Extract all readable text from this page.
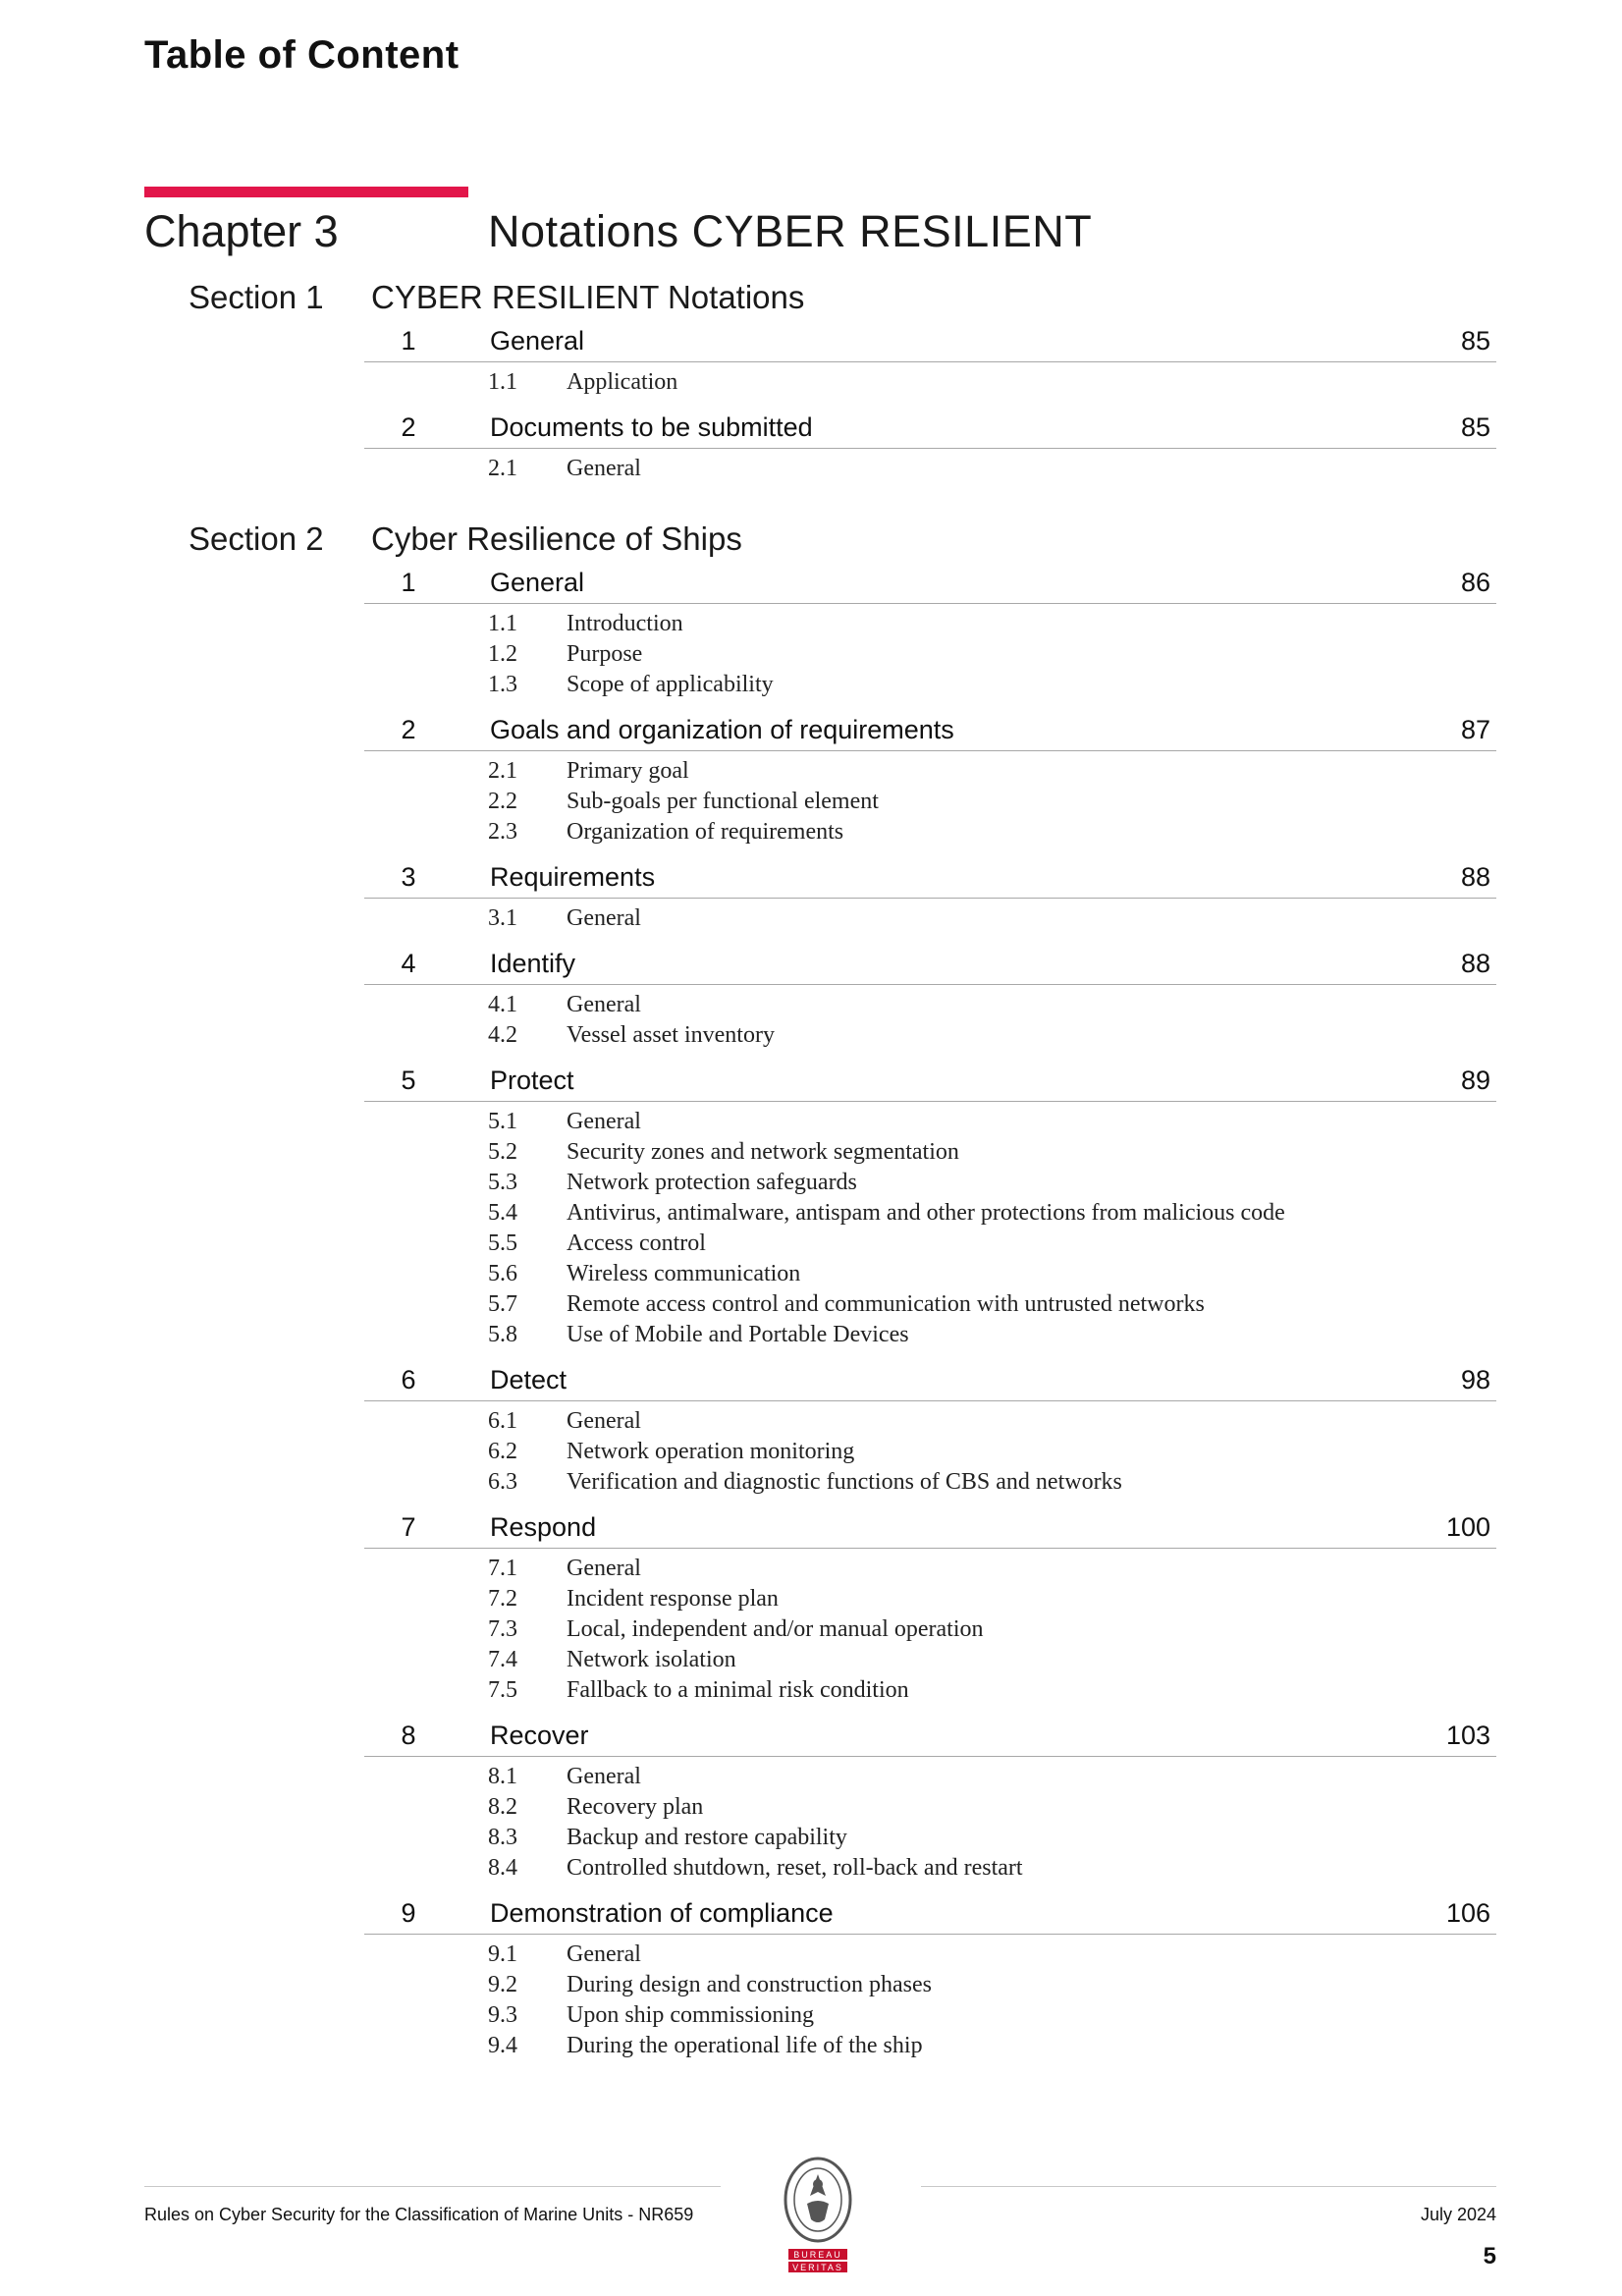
Table of Content
Chapter 3	Notations CYBER RESILIENT
Section 1 CYBER RESILIENT Notations
1	General	85
1.1 Application
2	Documents to be submitted	85
2.1 General
Section 2 Cyber Resilience of Ships
1	General	86
1.1 Introduction
1.2 Purpose
1.3 Scope of applicability
2	Goals and organization of requirements	87
2.1 Primary goal
2.2 Sub-goals per functional element
2.3 Organization of requirements
3	Requirements	88
3.1 General
4	Identify	88
4.1 General
4.2 Vessel asset inventory
5	Protect	89
5.1 General
5.2 Security zones and network segmentation
5.3 Network protection safeguards
5.4 Antivirus, antimalware, antispam and other protections from malicious code
5.5 Access control
5.6 Wireless communication
5.7 Remote access control and communication with untrusted networks
5.8 Use of Mobile and Portable Devices
6	Detect	98
6.1 General
6.2 Network operation monitoring
6.3 Verification and diagnostic functions of CBS and networks
7	Respond	100
7.1 General
7.2 Incident response plan
7.3 Local, independent and/or manual operation
7.4 Network isolation
7.5 Fallback to a minimal risk condition
8	Recover	103
8.1 General
8.2 Recovery plan
8.3 Backup and restore capability
8.4 Controlled shutdown, reset, roll-back and restart
9	Demonstration of compliance	106
9.1 General
9.2 During design and construction phases
9.3 Upon ship commissioning
9.4 During the operational life of the ship
Rules on Cyber Security for the Classification of Marine Units - NR659	July 2024
5
BUREAU
VERITAS
